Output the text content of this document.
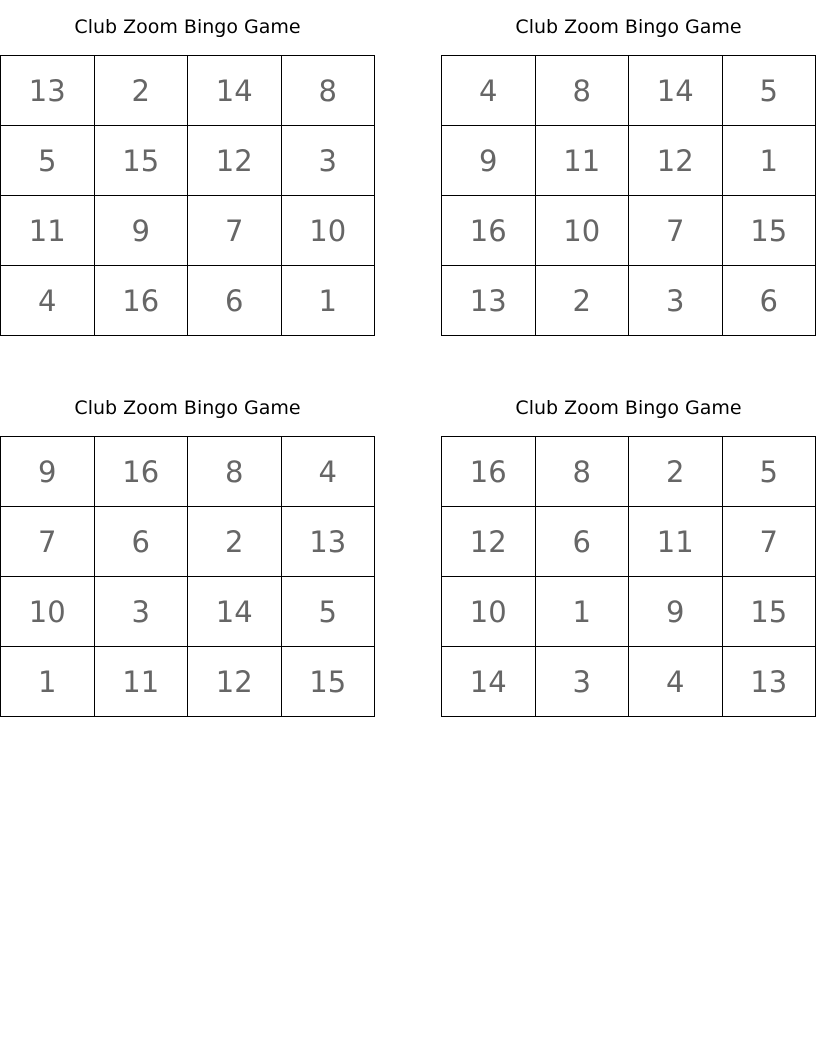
Club Zoom Bingo Game
13	2	14	8
5	15	12	3
11	9	7	10
4	16	6	1
Club Zoom Bingo Game
4	8	14	5
9	11	12	1
16	10	7	15
13	2	3	6
Club Zoom Bingo Game
9	16	8	4
7	6	2	13
10	3	14	5
1	11	12	15
Club Zoom Bingo Game
16	8	2	5
12	6	11	7
10	1	9	15
14	3	4	13
